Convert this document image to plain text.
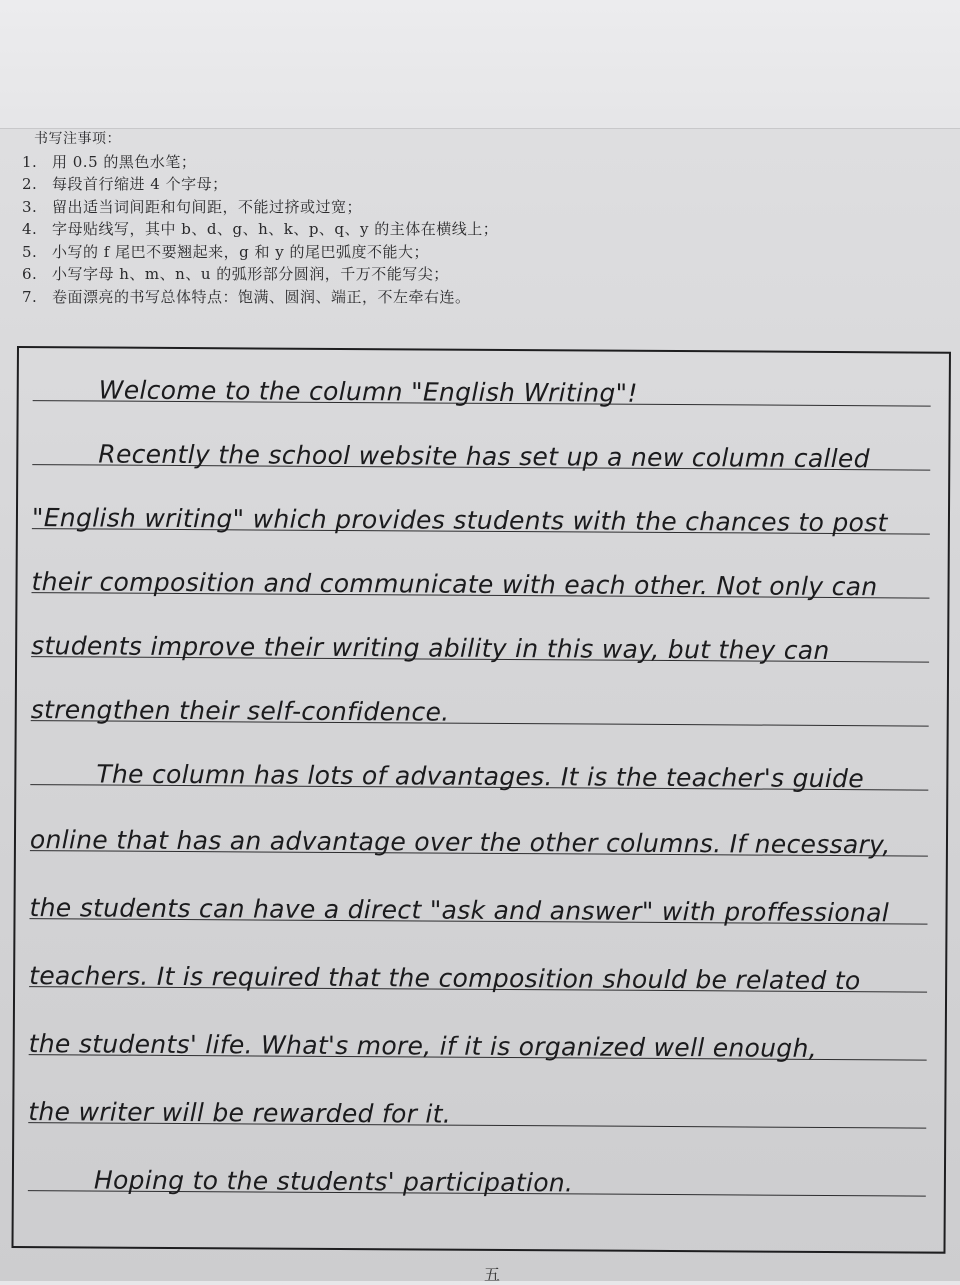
书写注事项：
1. 用 0.5 的黑色水笔；
2. 每段首行缩进 4 个字母；
3. 留出适当词间距和句间距，不能过挤或过宽；
4. 字母贴线写，其中 b、d、g、h、k、p、q、y 的主体在横线上；
5. 小写的 f 尾巴不要翘起来，g 和 y 的尾巴弧度不能大；
6. 小写字母 h、m、n、u 的弧形部分圆润，千万不能写尖；
7. 卷面漂亮的书写总体特点：饱满、圆润、端正，不左牵右连。
Welcome to the column "English Writing"!
Recently the school website has set up a new column called
"English writing" which provides students with the chances to post
their composition and communicate with each other. Not only can
students improve their writing ability in this way, but they can
strengthen their self-confidence.
The column has lots of advantages. It is the teacher's guide
online that has an advantage over the other columns. If necessary,
the students can have a direct "ask and answer" with proffessional
teachers. It is required that the composition should be related to
the students' life. What's more, if it is organized well enough,
the writer will be rewarded for it.
Hoping to the students' participation.
五
